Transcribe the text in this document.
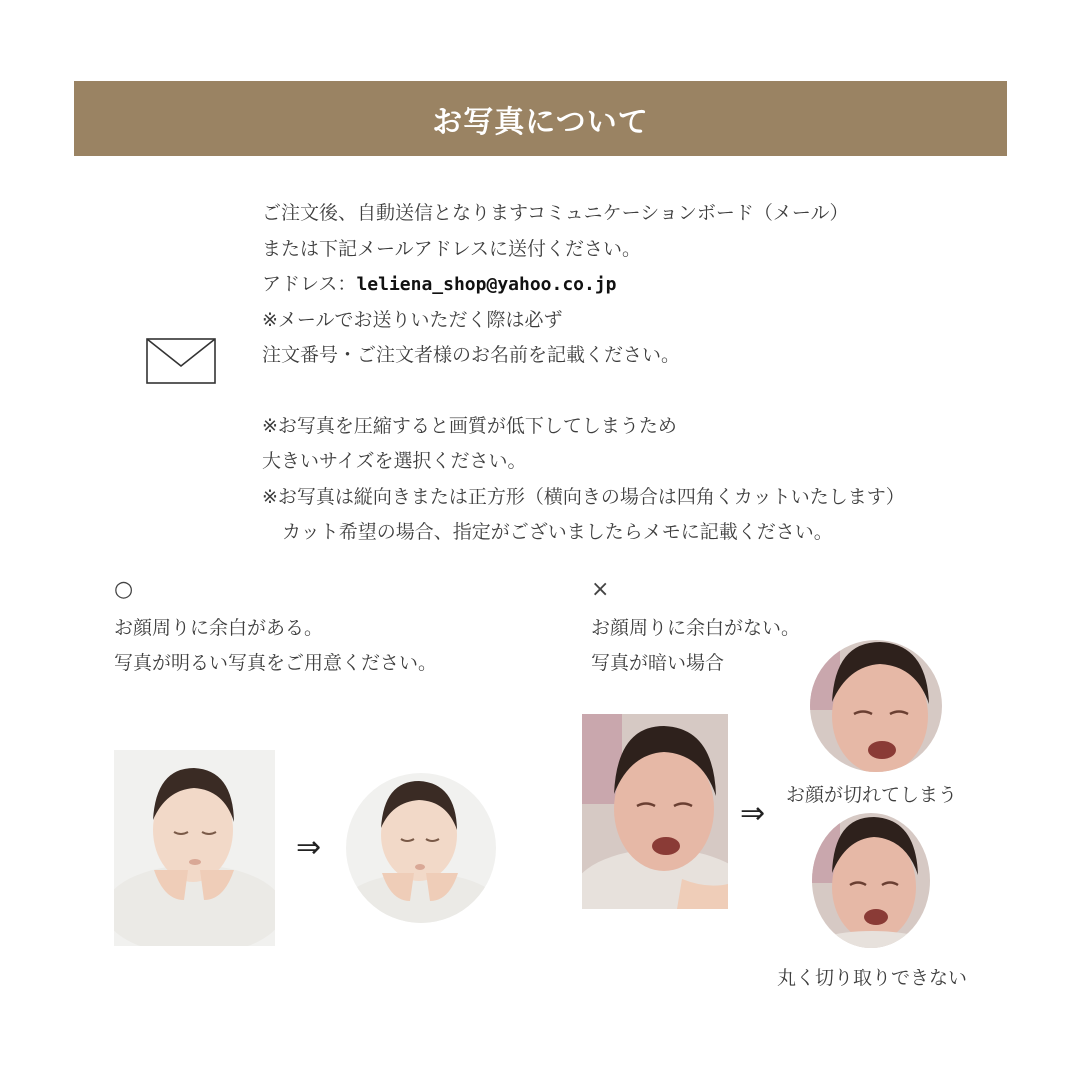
お写真について
ご注文後、自動送信となりますコミュニケーションボード（メール）
または下記メールアドレスに送付ください。
アドレス：leliena_shop@yahoo.co.jp
※メールでお送りいただく際は必ず
注文番号・ご注文者様のお名前を記載ください。
※お写真を圧縮すると画質が低下してしまうため
大きいサイズを選択ください。
※お写真は縦向きまたは正方形（横向きの場合は四角くカットいたします）
カット希望の場合、指定がございましたらメモに記載ください。
○
お顔周りに余白がある。
写真が明るい写真をご用意ください。
⇒
×
お顔周りに余白がない。
写真が暗い場合
⇒
お顔が切れてしまう
丸く切り取りできない
